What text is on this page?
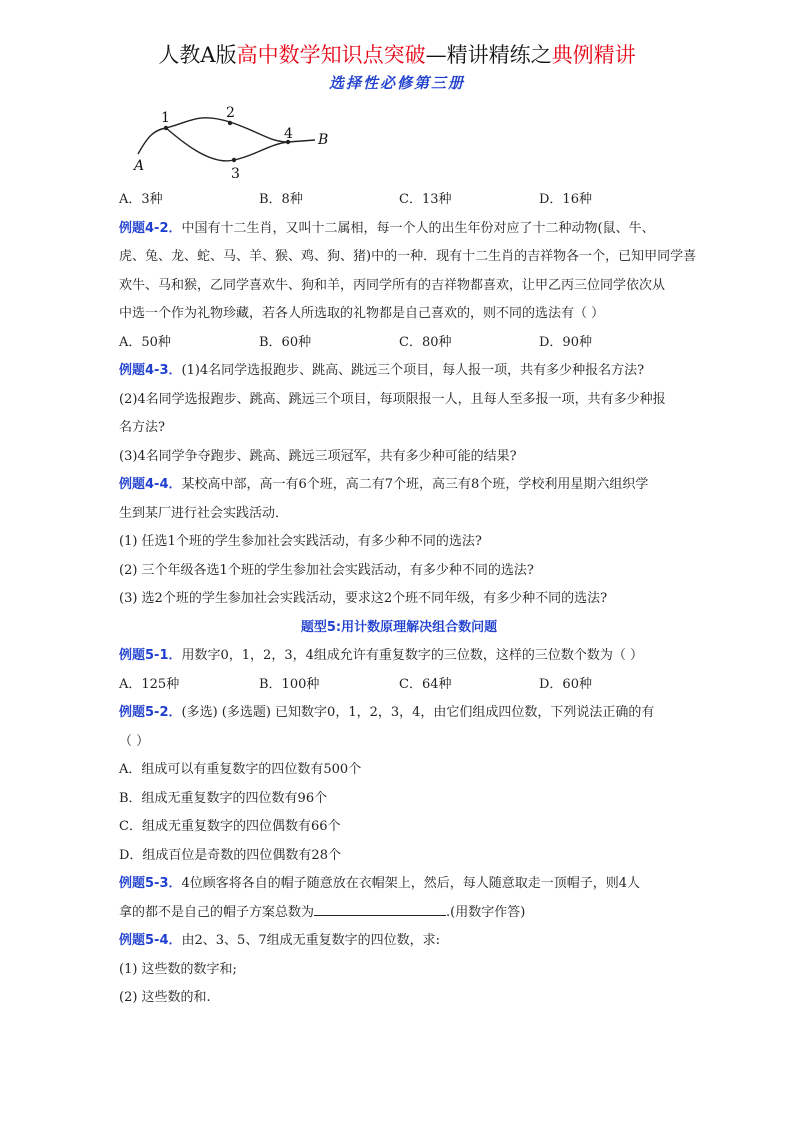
人教A版高中数学知识点突破—精讲精练之典例精讲
选择性必修第三册
A
1	2
3
4 B
A．3种	B．8种	C．13种	D．16种
例题4-2．中国有十二生肖，又叫十二属相，每一个人的出生年份对应了十二种动物(鼠、牛、
虎、兔、龙、蛇、马、羊、猴、鸡、狗、猪)中的一种．现有十二生肖的吉祥物各一个，已知甲同学喜
欢牛、马和猴，乙同学喜欢牛、狗和羊，丙同学所有的吉祥物都喜欢，让甲乙丙三位同学依次从
中选一个作为礼物珍藏，若各人所选取的礼物都是自己喜欢的，则不同的选法有（ ）
A．50种	B．60种	C．80种	D．90种
例题4-3．(1)4名同学选报跑步、跳高、跳远三个项目，每人报一项，共有多少种报名方法?
(2)4名同学选报跑步、跳高、跳远三个项目，每项限报一人，且每人至多报一项，共有多少种报
名方法?
(3)4名同学争夺跑步、跳高、跳远三项冠军，共有多少种可能的结果?
例题4-4．某校高中部，高一有6个班，高二有7个班，高三有8个班，学校利用星期六组织学
生到某厂进行社会实践活动．
(1) 任选1个班的学生参加社会实践活动，有多少种不同的选法?
(2) 三个年级各选1个班的学生参加社会实践活动，有多少种不同的选法?
(3) 选2个班的学生参加社会实践活动，要求这2个班不同年级，有多少种不同的选法?
题型5:用计数原理解决组合数问题
例题5-1．用数字0，1，2，3，4组成允许有重复数字的三位数，这样的三位数个数为（ ）
A．125种	B．100种	C．64种	D．60种
例题5-2．(多选) (多选题) 已知数字0，1，2，3，4，由它们组成四位数，下列说法正确的有
（ ）
A．组成可以有重复数字的四位数有500个
B．组成无重复数字的四位数有96个
C．组成无重复数字的四位偶数有66个
D．组成百位是奇数的四位偶数有28个
例题5-3．4位顾客将各自的帽子随意放在衣帽架上，然后，每人随意取走一顶帽子，则4人
拿的都不是自己的帽子方案总数为	.(用数字作答)
例题5-4．由2、3、5、7组成无重复数字的四位数，求:
(1) 这些数的数字和;
(2) 这些数的和.
